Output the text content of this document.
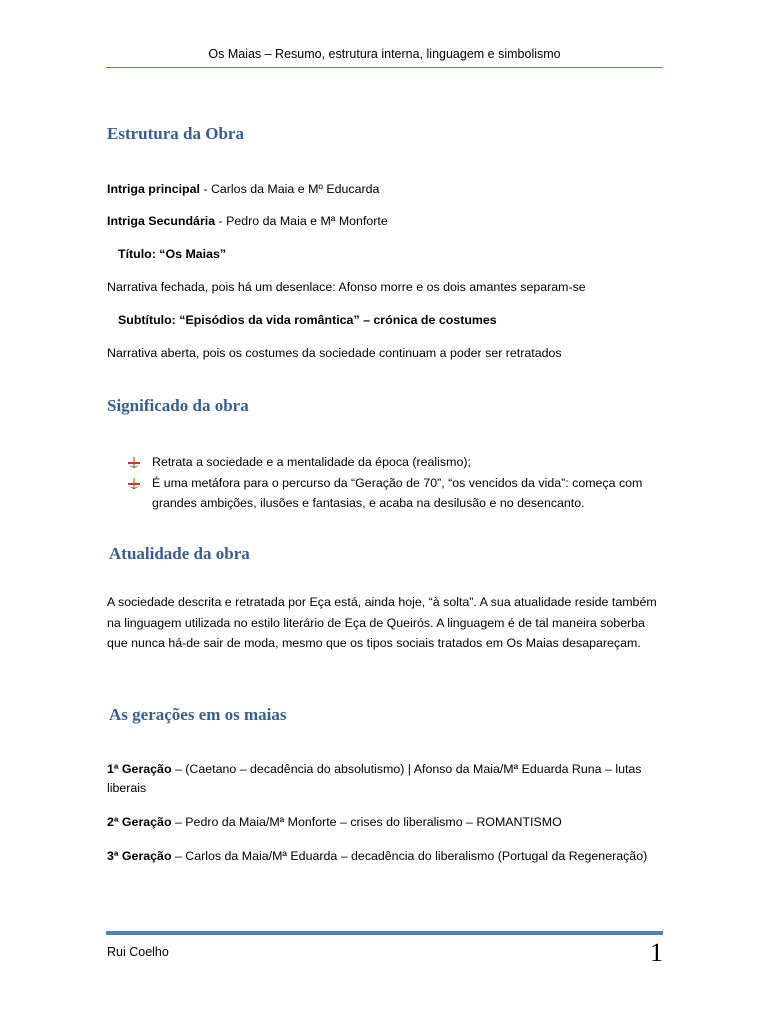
Os Maias – Resumo, estrutura interna, linguagem e simbolismo
Estrutura da Obra

Intriga principal - Carlos da Maia e Mº Educarda

Intriga Secundária - Pedro da Maia e Mª Monforte

Título: “Os Maias”

Narrativa fechada, pois há um desenlace: Afonso morre e os dois amantes separam-se

Subtítulo: “Episódios da vida romântica” – crónica de costumes

Narrativa aberta, pois os costumes da sociedade continuam a poder ser retratados

Significado da obra
Retrata a sociedade e a mentalidade da época (realismo);
É uma metáfora para o percurso da “Geração de 70”, “os vencidos da vida”: começa com grandes ambições, ilusões e fantasias, e acaba na desilusão e no desencanto.
Atualidade da obra

A sociedade descrita e retratada por Eça está, ainda hoje, “à solta”. A sua atualidade reside também na linguagem utilizada no estilo literário de Eça de Queirós. A linguagem é de tal maneira soberba que nunca há-de sair de moda, mesmo que os tipos sociais tratados em Os Maias desapareçam.

As gerações em os maias

1ª Geração – (Caetano – decadência do absolutismo) | Afonso da Maia/Mª Eduarda Runa – lutas liberais

2ª Geração – Pedro da Maia/Mª Monforte – crises do liberalismo – ROMANTISMO

3ª Geração – Carlos da Maia/Mª Eduarda – decadência do liberalismo (Portugal da Regeneração)

Rui Coelho	1
